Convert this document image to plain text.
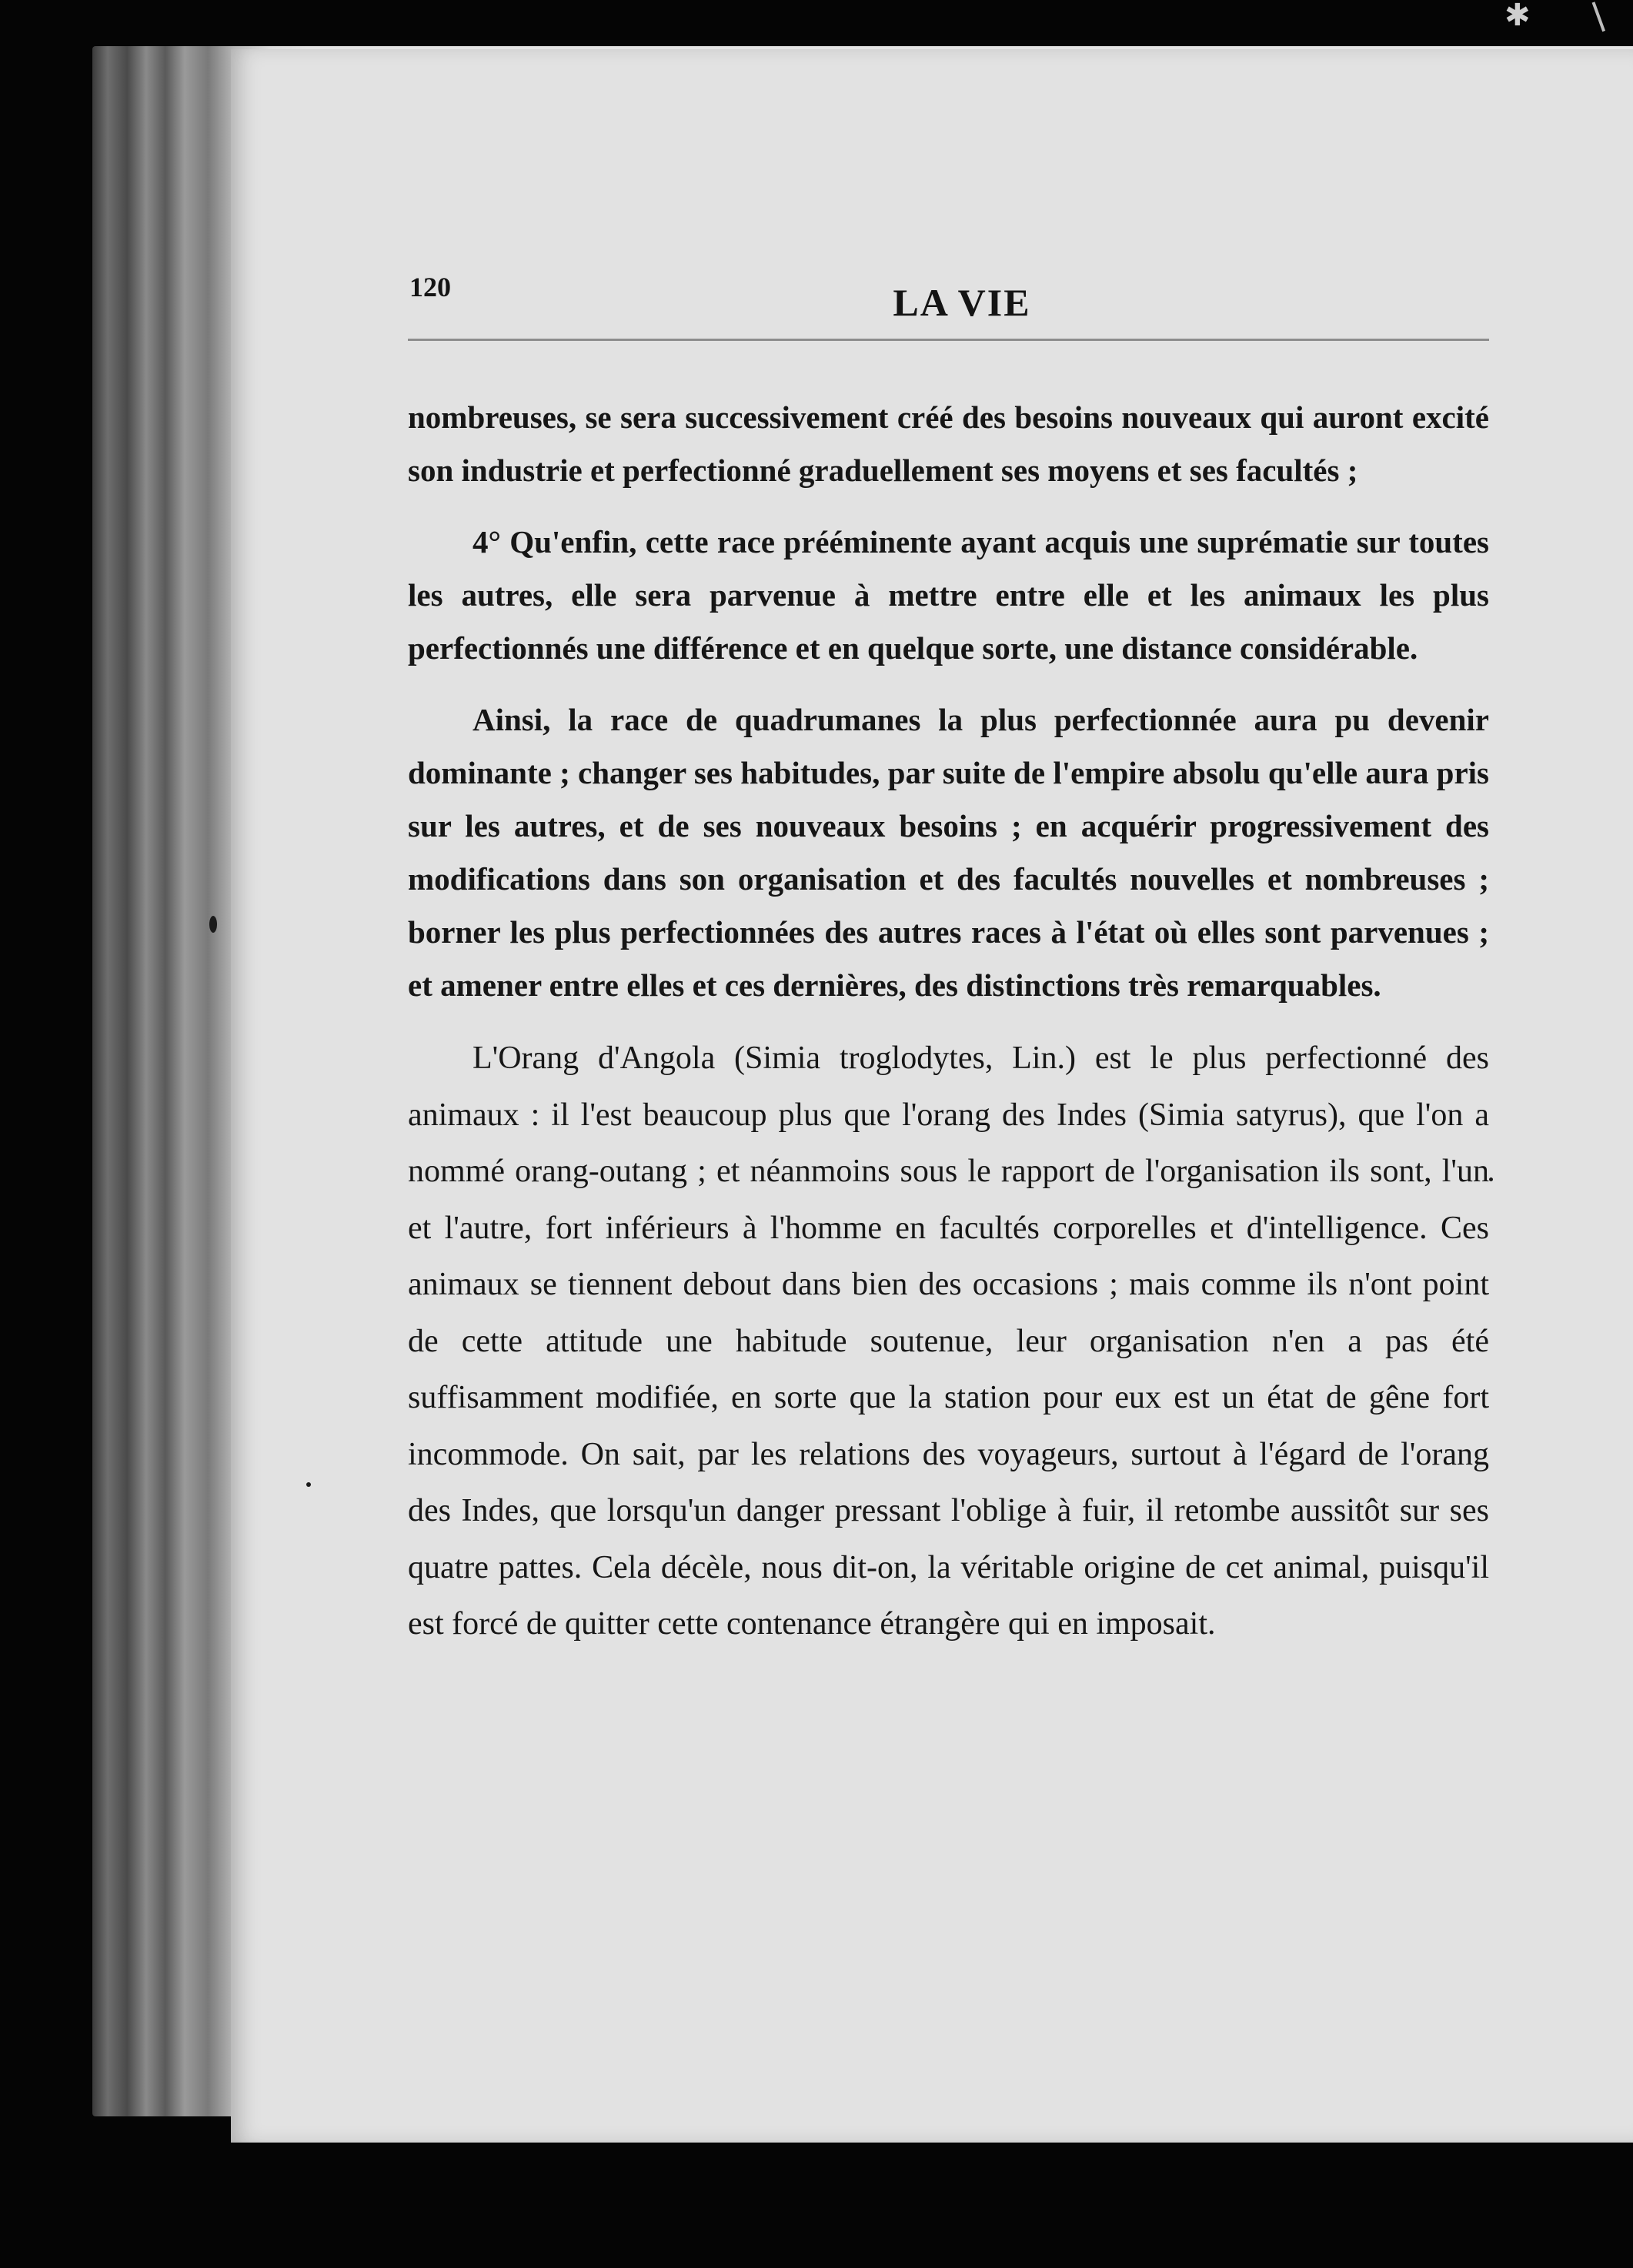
✱
120	LA VIE

nombreuses, se sera successivement créé des besoins nouveaux qui auront excité son industrie et perfectionné graduellement ses moyens et ses facultés ;

4° Qu'enfin, cette race prééminente ayant acquis une suprématie sur toutes les autres, elle sera parvenue à mettre entre elle et les animaux les plus perfectionnés une différence et en quelque sorte, une distance considérable.

Ainsi, la race de quadrumanes la plus perfectionnée aura pu devenir dominante ; changer ses habitudes, par suite de l'empire absolu qu'elle aura pris sur les autres, et de ses nouveaux besoins ; en acquérir progressivement des modifications dans son organisation et des facultés nouvelles et nombreuses ; borner les plus perfectionnées des autres races à l'état où elles sont parvenues ; et amener entre elles et ces dernières, des distinctions très remarquables.

L'Orang d'Angola (Simia troglodytes, Lin.) est le plus perfectionné des animaux : il l'est beaucoup plus que l'orang des Indes (Simia satyrus), que l'on a nommé orang-outang ; et néanmoins sous le rapport de l'organisation ils sont, l'un et l'autre, fort inférieurs à l'homme en facultés corporelles et d'intelligence. Ces animaux se tiennent debout dans bien des occasions ; mais comme ils n'ont point de cette attitude une habitude soutenue, leur organisation n'en a pas été suffisamment modifiée, en sorte que la station pour eux est un état de gêne fort incommode. On sait, par les relations des voyageurs, surtout à l'égard de l'orang des Indes, que lorsqu'un danger pressant l'oblige à fuir, il retombe aussitôt sur ses quatre pattes. Cela décèle, nous dit-on, la véritable origine de cet animal, puisqu'il est forcé de quitter cette contenance étrangère qui en imposait.
